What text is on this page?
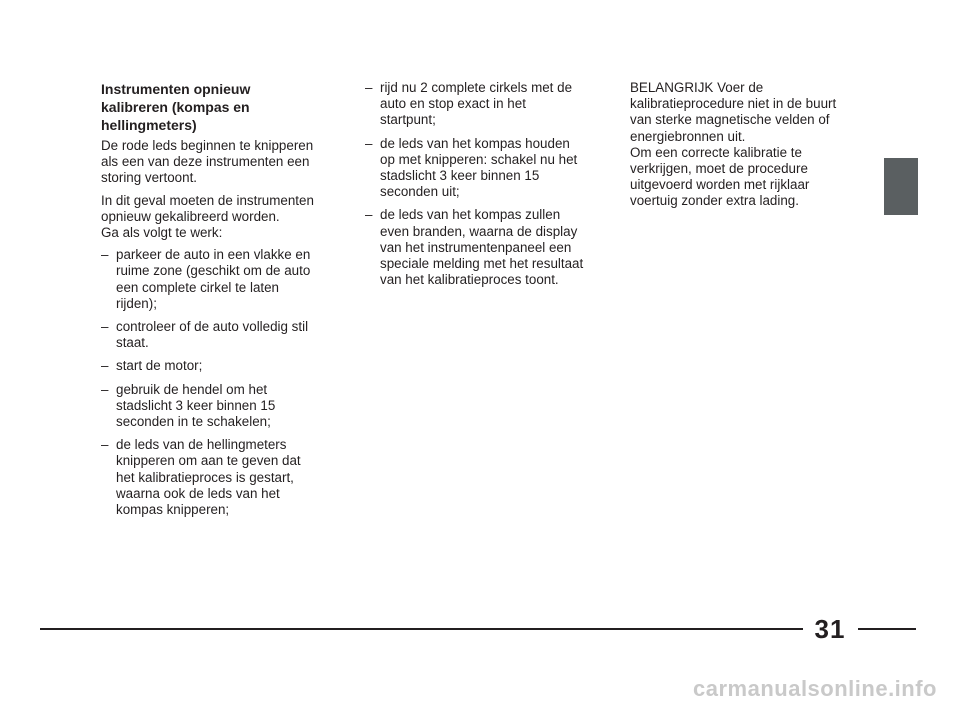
Instrumenten opnieuw
kalibreren (kompas en
hellingmeters)

De rode leds beginnen te knipperen
als een van deze instrumenten een
storing vertoont.

In dit geval moeten de instrumenten
opnieuw gekalibreerd worden.
Ga als volgt te werk:

– parkeer de auto in een vlakke en
ruime zone (geschikt om de auto
een complete cirkel te laten
rijden);
– controleer of de auto volledig stil
staat.
– start de motor;
– gebruik de hendel om het
stadslicht 3 keer binnen 15
seconden in te schakelen;
– de leds van de hellingmeters
knipperen om aan te geven dat
het kalibratieproces is gestart,
waarna ook de leds van het
kompas knipperen;
– rijd nu 2 complete cirkels met de
auto en stop exact in het
startpunt;
– de leds van het kompas houden
op met knipperen: schakel nu het
stadslicht 3 keer binnen 15
seconden uit;
– de leds van het kompas zullen
even branden, waarna de display
van het instrumentenpaneel een
speciale melding met het resultaat
van het kalibratieproces toont.
BELANGRIJK Voer de
kalibratieprocedure niet in de buurt
van sterke magnetische velden of
energiebronnen uit.
Om een correcte kalibratie te
verkrijgen, moet de procedure
uitgevoerd worden met rijklaar
voertuig zonder extra lading.
31
carmanualsonline.info
